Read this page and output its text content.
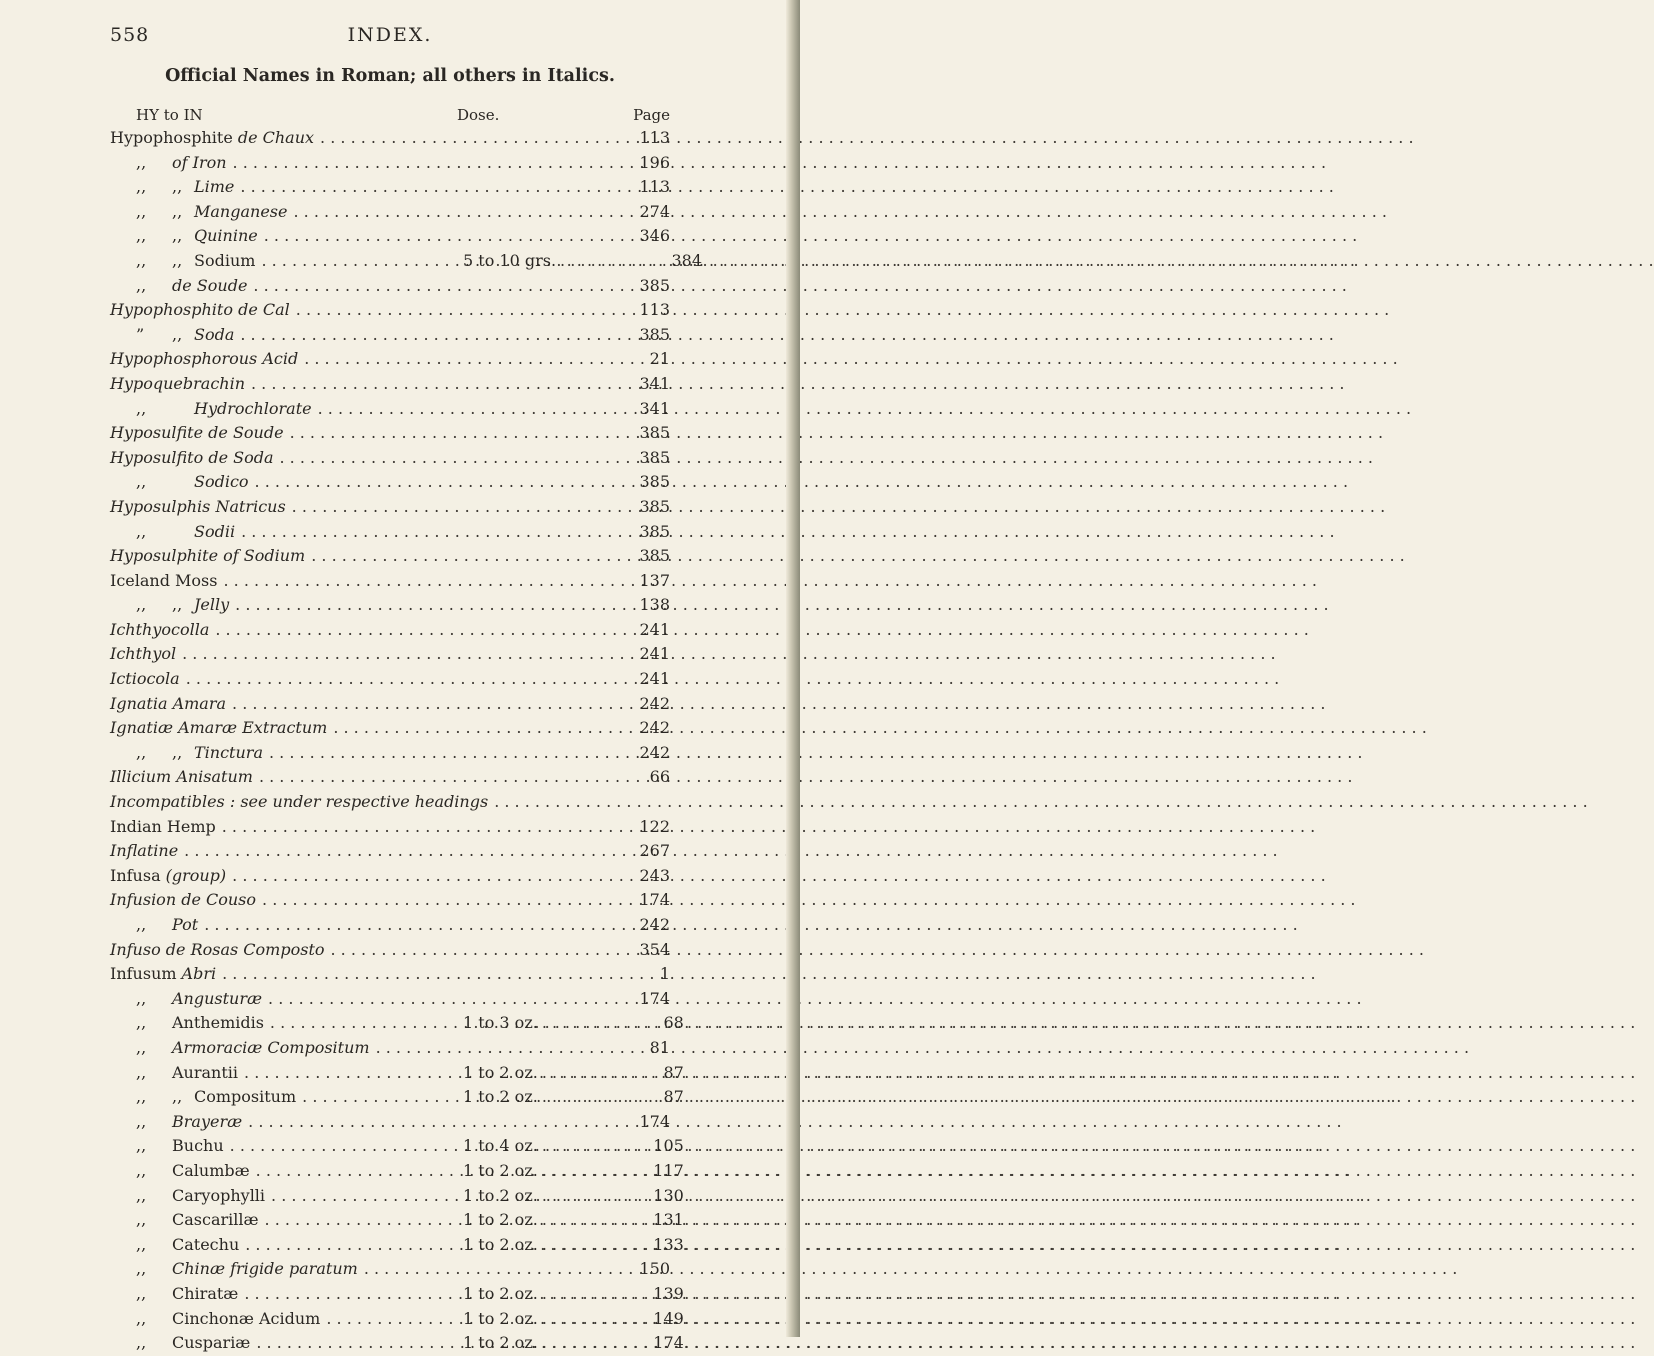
558	INDEX.
Official Names in Roman; all others in Italics.
HY to IN	Dose.	Page
Hypophosphite de Chaux . . .	113
,,	of Iron . . .	196
,, ,, Lime . . .	113
,, ,, Manganese . . .	274
,, ,, Quinine . . .	346
,, ,, Sodium . . .	5 to 10 grs. . . .	384
,,	de Soude . . .	385
Hypophosphito de Cal . . .	113
” ,, Soda . . .	385
Hypophosphorous Acid . . .	21
Hypoquebrachin . . .	341
,,	Hydrochlorate . . .	341
Hyposulfite de Soude . . .	385
Hyposulfito de Soda . . .	385
,,	Sodico . . .	385
Hyposulphis Natricus . . .	385
,,	Sodii . . .	385
Hyposulphite of Sodium . . .	385
Iceland Moss . . .	137
,, ,, Jelly . . .	138
Ichthyocolla . . .	241
Ichthyol . . .	241
Ictiocola . . .	241
Ignatia Amara . . .	242
Ignatiæ Amaræ Extractum . . .	242
,, ,, Tinctura . . .	242
Illicium Anisatum . . .	66
Incompatibles : see under respective headings
. . .
Indian Hemp . . .	122
Inflatine . . .	267
Infusa (group) . . .	243
Infusion de Couso . . .	174
,,	Pot . . .	242
Infuso de Rosas Composto . . .	354
Infusum Abri . . .	1
,,	Angusturæ . . .	174
,,	Anthemidis . . .	1 to 3 oz. . . .	68
,,	Armoraciæ Compositum . . .	81
,,	Aurantii . . .	1 to 2 oz. . . .	87
,, ,, Compositum . . .	1 to 2 oz. . . .	87
,,	Brayeræ . . .	174
,,	Buchu . . .	1 to 4 oz. . . .	105
,,	Calumbæ . . .	1 to 2 oz. . . .	117
,,	Caryophylli . . .	1 to 2 oz. . . .	130
,,	Cascarillæ . . .	1 to 2 oz. . . .	131
,,	Catechu . . .	1 to 2 oz. . . .	133
,,	Chinæ frigide paratum . . .	150
,,	Chiratæ . . .	1 to 2 oz. . . .	139
,,	Cinchonæ Acidum . . .	1 to 2 oz. . . .	149
,,	Cuspariæ . . .	1 to 2 oz. . . .	174
